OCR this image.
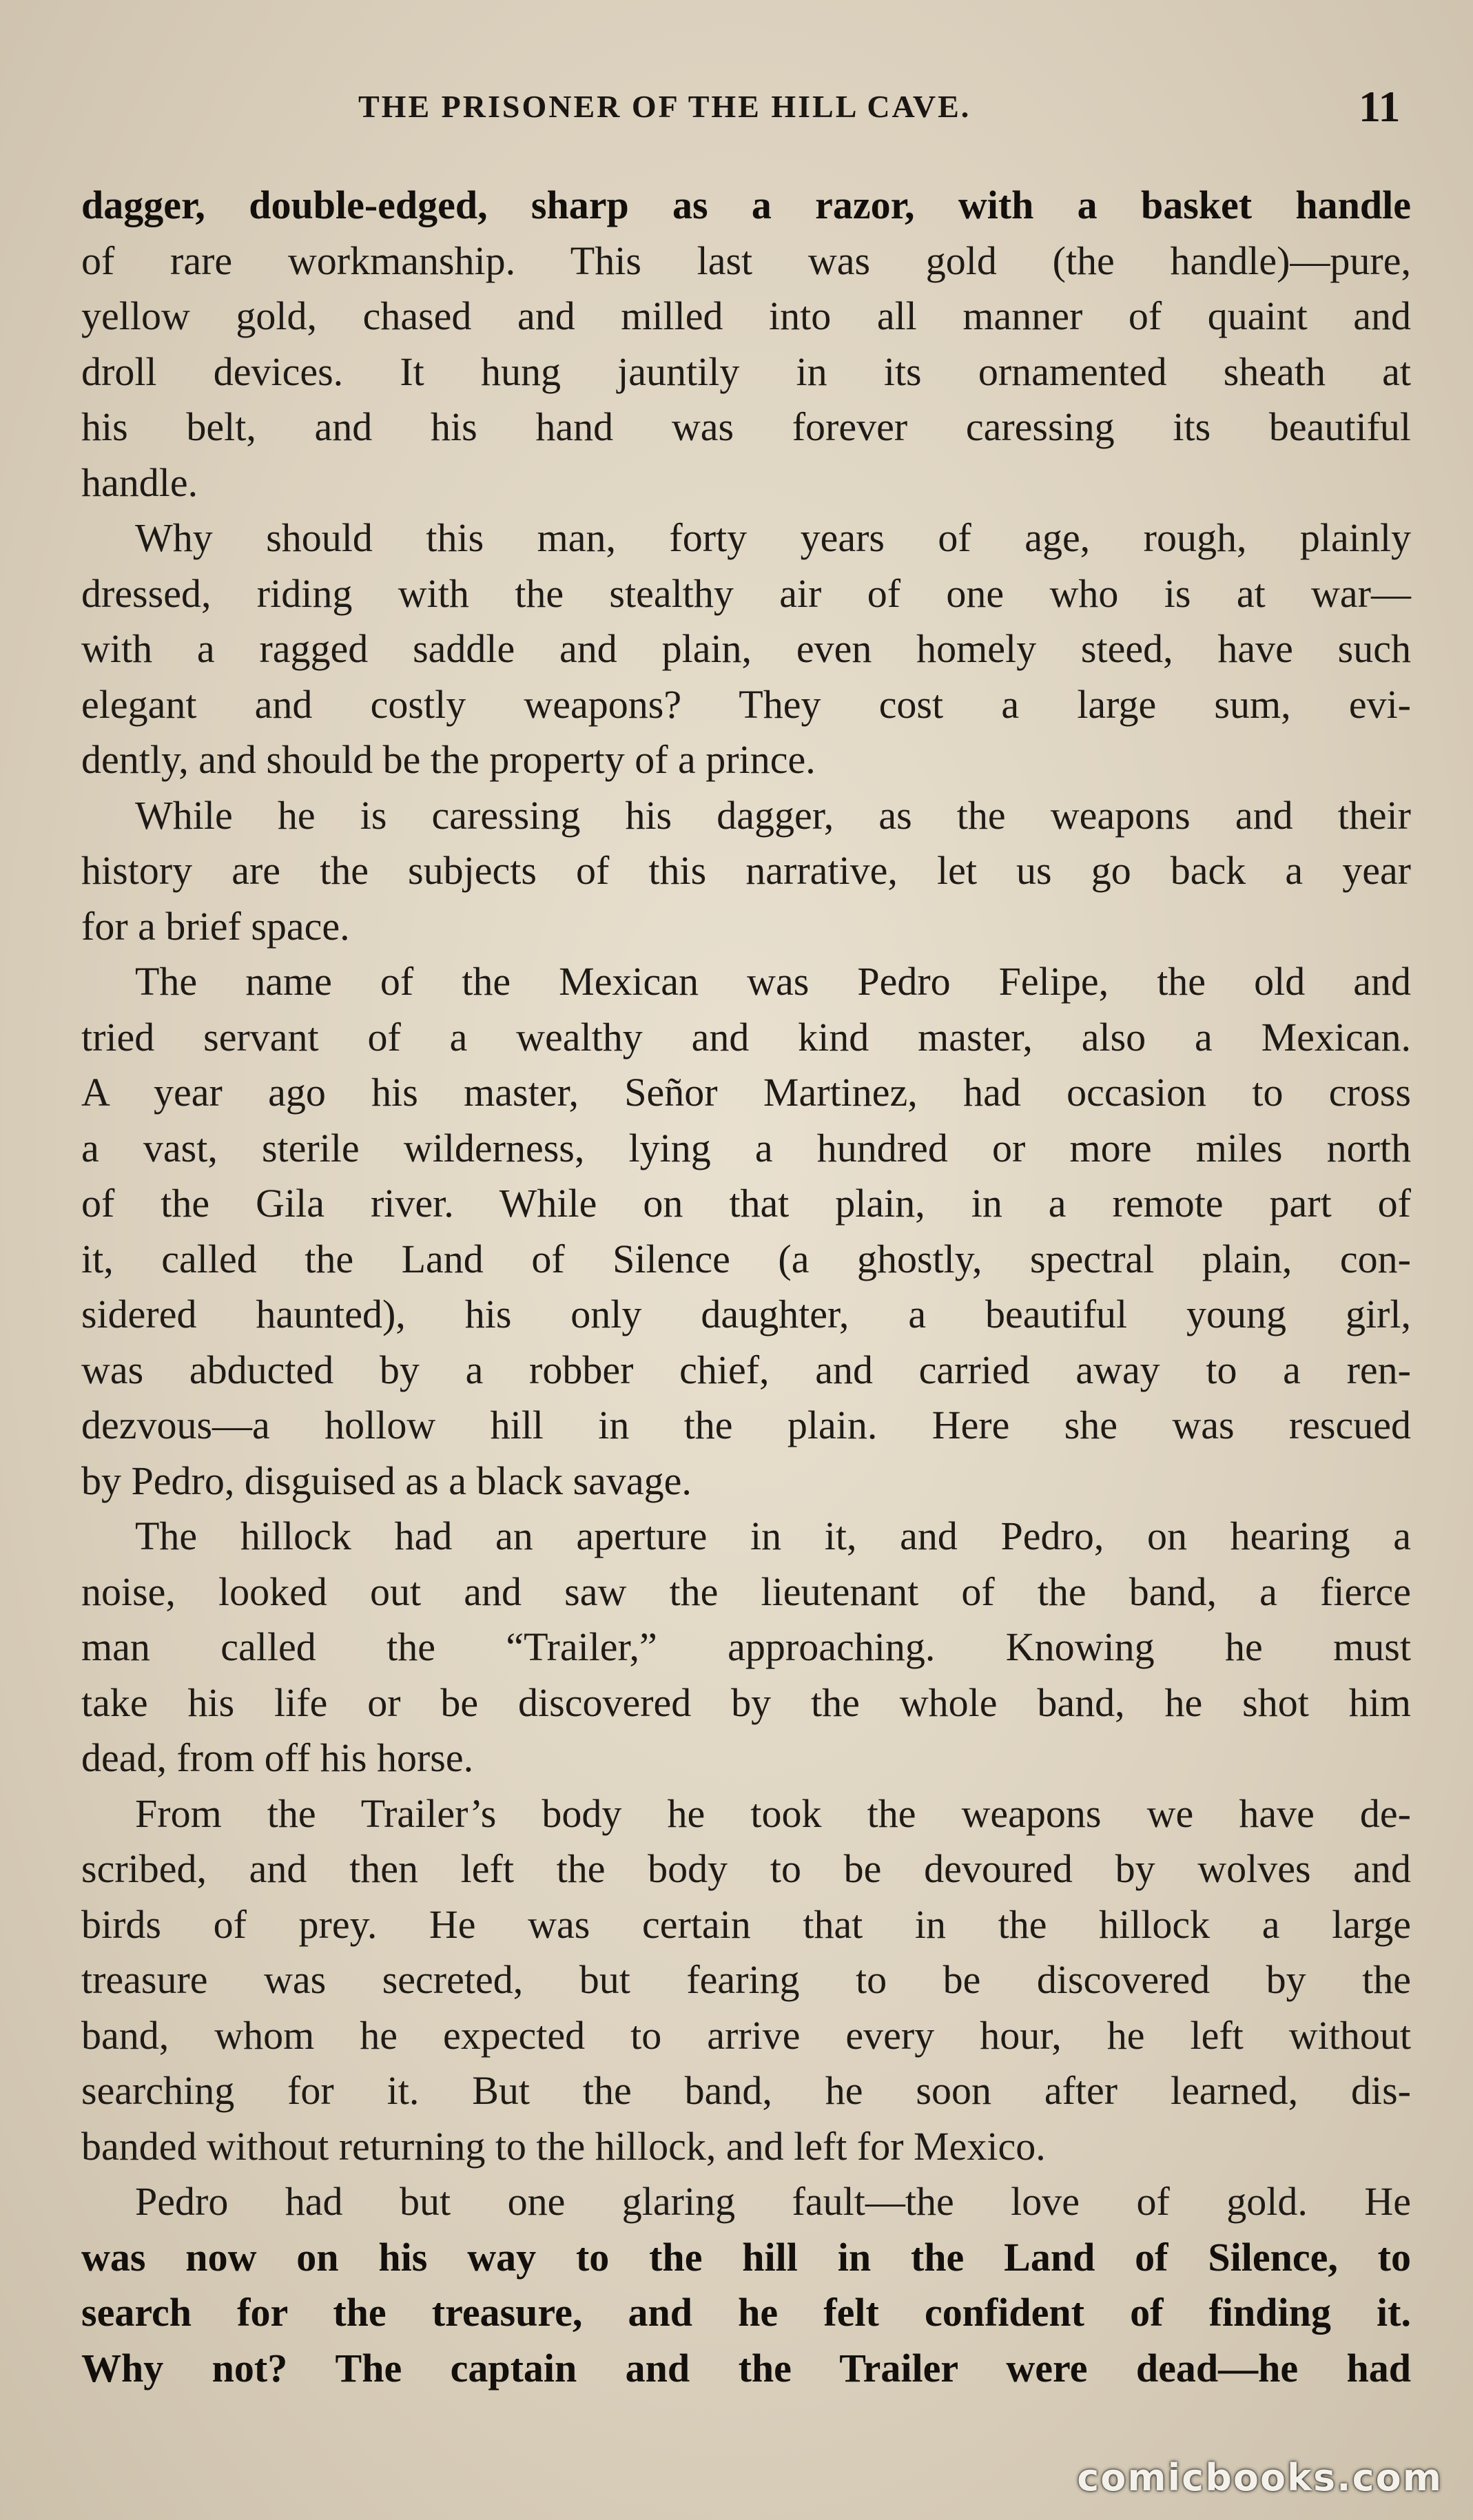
THE PRISONER OF THE HILL CAVE.	11
dagger, double-edged, sharp as a razor, with a basket handle
of rare workmanship. This last was gold (the handle)—pure,
yellow gold, chased and milled into all manner of quaint and
droll devices. It hung jauntily in its ornamented sheath at
his belt, and his hand was forever caressing its beautiful
handle.
Why should this man, forty years of age, rough, plainly
dressed, riding with the stealthy air of one who is at war—
with a ragged saddle and plain, even homely steed, have such
elegant and costly weapons? They cost a large sum, evi-
dently, and should be the property of a prince.
While he is caressing his dagger, as the weapons and their
history are the subjects of this narrative, let us go back a year
for a brief space.
The name of the Mexican was Pedro Felipe, the old and
tried servant of a wealthy and kind master, also a Mexican.
A year ago his master, Señor Martinez, had occasion to cross
a vast, sterile wilderness, lying a hundred or more miles north
of the Gila river. While on that plain, in a remote part of
it, called the Land of Silence (a ghostly, spectral plain, con-
sidered haunted), his only daughter, a beautiful young girl,
was abducted by a robber chief, and carried away to a ren-
dezvous—a hollow hill in the plain. Here she was rescued
by Pedro, disguised as a black savage.
The hillock had an aperture in it, and Pedro, on hearing a
noise, looked out and saw the lieutenant of the band, a fierce
man called the “Trailer,” approaching. Knowing he must
take his life or be discovered by the whole band, he shot him
dead, from off his horse.
From the Trailer’s body he took the weapons we have de-
scribed, and then left the body to be devoured by wolves and
birds of prey. He was certain that in the hillock a large
treasure was secreted, but fearing to be discovered by the
band, whom he expected to arrive every hour, he left without
searching for it. But the band, he soon after learned, dis-
banded without returning to the hillock, and left for Mexico.
Pedro had but one glaring fault—the love of gold. He
was now on his way to the hill in the Land of Silence, to
search for the treasure, and he felt confident of finding it.
Why not? The captain and the Trailer were dead—he had
comicbooks.com
